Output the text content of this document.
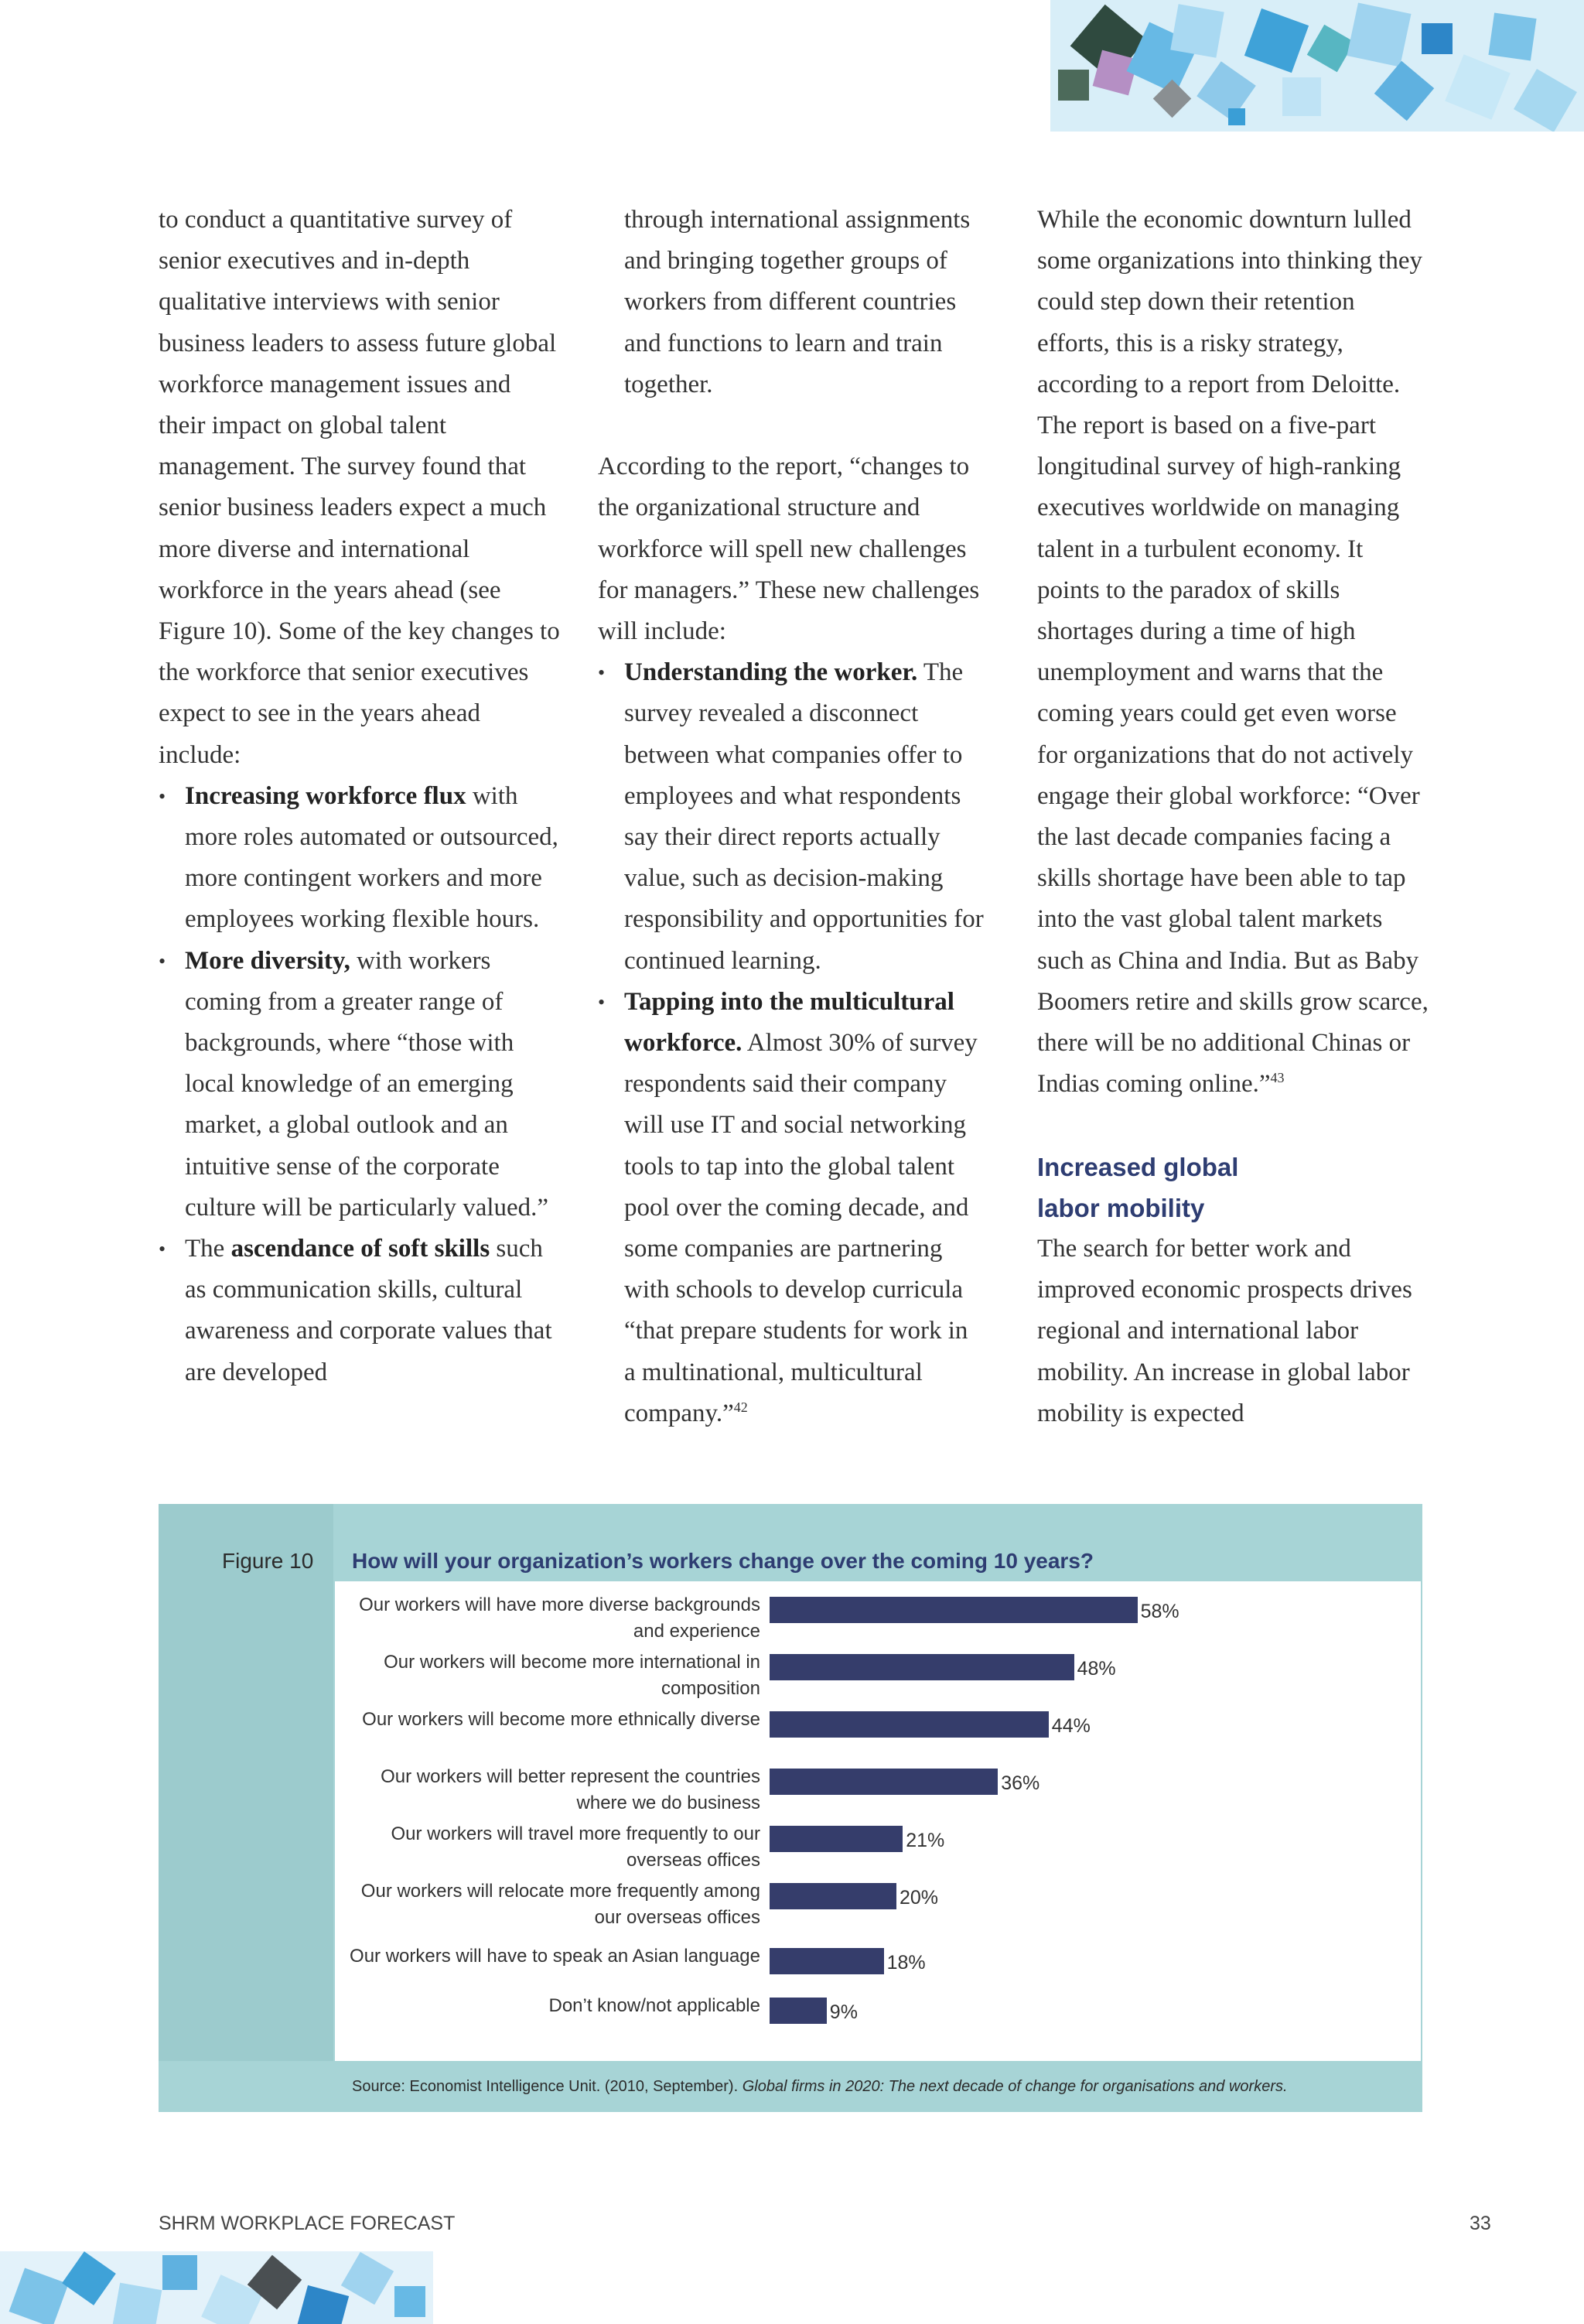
to conduct a quantitative survey of senior executives and in-depth qualitative interviews with senior business leaders to assess future global workforce management issues and their impact on global talent management. The survey found that senior business leaders expect a much more diverse and international workforce in the years ahead (see Figure 10). Some of the key changes to the workforce that senior executives expect to see in the years ahead include:

• Increasing workforce flux with more roles automated or outsourced, more contingent workers and more employees working flexible hours.
• More diversity, with workers coming from a greater range of backgrounds, where “those with local knowledge of an emerging market, a global outlook and an intuitive sense of the corporate culture will be particularly valued.”
• The ascendance of soft skills such as communication skills, cultural awareness and corporate values that are developed

through international assignments and bringing together groups of workers from different countries and functions to learn and train together.

According to the report, “changes to the organizational structure and workforce will spell new challenges for managers.” These new challenges will include:

• Understanding the worker. The survey revealed a disconnect between what companies offer to employees and what respondents say their direct reports actually value, such as decision-making responsibility and opportunities for continued learning.
• Tapping into the multicultural workforce. Almost 30% of survey respondents said their company will use IT and social networking tools to tap into the global talent pool over the coming decade, and some companies are partnering with schools to develop curricula “that prepare students for work in a multinational, multicultural company.”$^{42}$

While the economic downturn lulled some organizations into thinking they could step down their retention efforts, this is a risky strategy, according to a report from Deloitte. The report is based on a five-part longitudinal survey of high-ranking executives worldwide on managing talent in a turbulent economy. It points to the paradox of skills shortages during a time of high unemployment and warns that the coming years could get even worse for organizations that do not actively engage their global workforce: “Over the last decade companies facing a skills shortage have been able to tap into the vast global talent markets such as China and India. But as Baby Boomers retire and skills grow scarce, there will be no additional Chinas or Indias coming online.”$^{43}$

Increased global
labor mobility

The search for better work and improved economic prospects drives regional and international labor mobility. An increase in global labor mobility is expected

Figure 10 How will your organization’s workers change over the coming 10 years?
Our workers will have more diverse backgrounds
and experience
58%
Our workers will become more international in
composition
48%
Our workers will become more ethnically diverse	44%
Our workers will better represent the countries
where we do business
36%
Our workers will travel more frequently to our
overseas offices
21%
Our workers will relocate more frequently among
our overseas offices
20%
Our workers will have to speak an Asian language	18%
Don’t know/not applicable	9%
Source: Economist Intelligence Unit. (2010, September). Global firms in 2020: The next decade of change for organisations and workers.
SHRM WORKPLACE FORECAST	33
